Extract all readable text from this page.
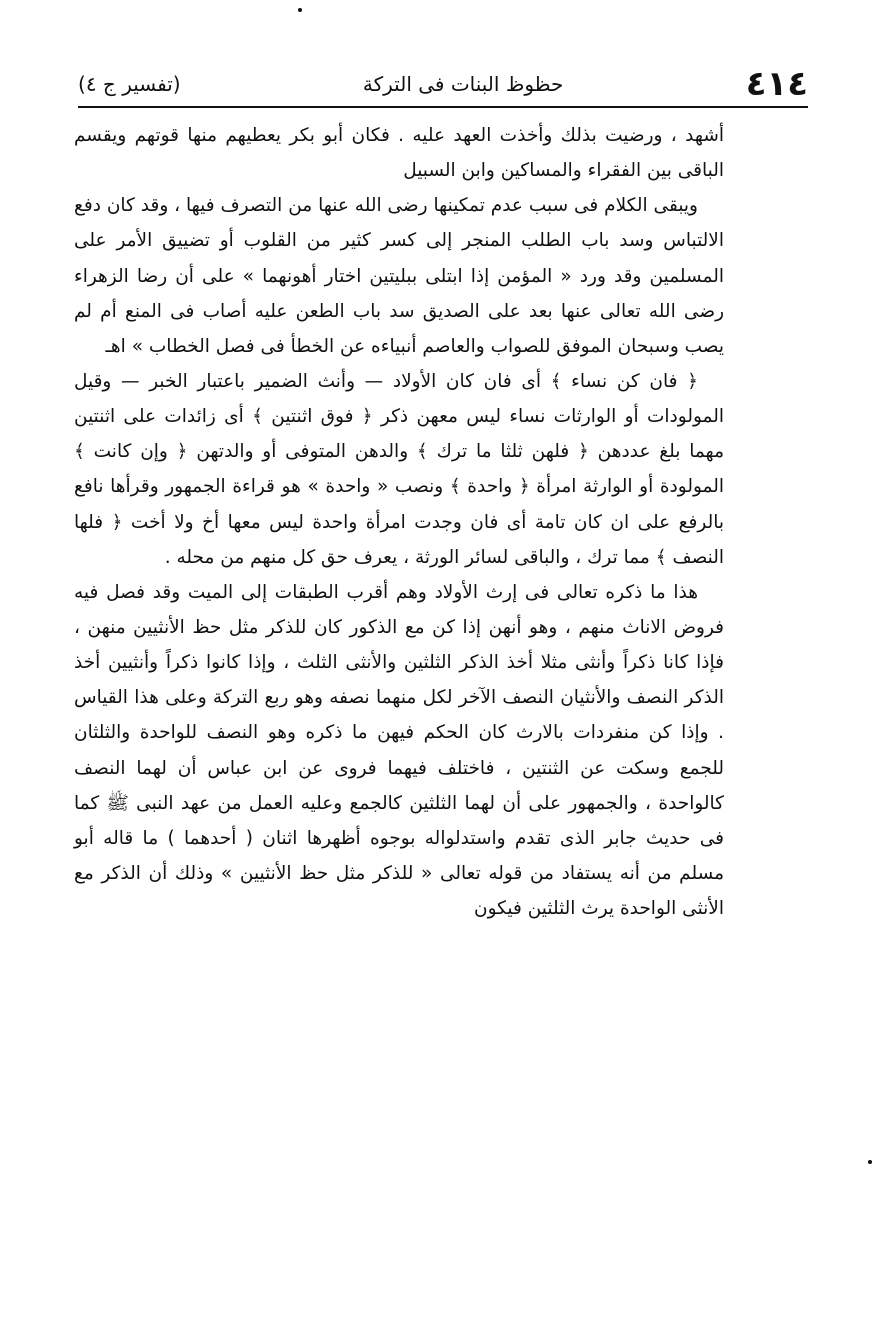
٤١٤
حظوظ البنات فى التركة
(تفسير ج ٤)

أشهد ، ورضيت بذلك وأخذت العهد عليه . فكان أبو بكر يعطيهم منها قوتهم ويقسم الباقى بين الفقراء والمساكين وابن السبيل

ويبقى الكلام فى سبب عدم تمكينها رضى الله عنها من التصرف فيها ، وقد كان دفع الالتباس وسد باب الطلب المنجر إلى كسر كثير من القلوب أو تضييق الأمر على المسلمين وقد ورد « المؤمن إذا ابتلى ببليتين اختار أهونهما » على أن رضا الزهراء رضى الله تعالى عنها بعد على الصديق سد باب الطعن عليه أصاب فى المنع أم لم يصب وسبحان الموفق للصواب والعاصم أنبياءه عن الخطأ فى فصل الخطاب » اهـ

﴿ فان كن نساء ﴾ أى فان كان الأولاد — وأنث الضمير باعتبار الخبر — وقيل المولودات أو الوارثات نساء ليس معهن ذكر ﴿ فوق اثنتين ﴾ أى زائدات على اثنتين مهما بلغ عددهن ﴿ فلهن ثلثا ما ترك ﴾ والدهن المتوفى أو والدتهن ﴿ وإن كانت ﴾ المولودة أو الوارثة امرأة ﴿ واحدة ﴾ ونصب « واحدة » هو قراءة الجمهور وقرأها نافع بالرفع على ان كان تامة أى فان وجدت امرأة واحدة ليس معها أخ ولا أخت ﴿ فلها النصف ﴾ مما ترك ، والباقى لسائر الورثة ، يعرف حق كل منهم من محله .

هذا ما ذكره تعالى فى إرث الأولاد وهم أقرب الطبقات إلى الميت وقد فصل فيه فروض الاناث منهم ، وهو أنهن إذا كن مع الذكور كان للذكر مثل حظ الأنثيين منهن ، فإذا كانا ذكراً وأنثى مثلا أخذ الذكر الثلثين والأنثى الثلث ، وإذا كانوا ذكراً وأنثيين أخذ الذكر النصف والأنثيان النصف الآخر لكل منهما نصفه وهو ربع التركة وعلى هذا القياس . وإذا كن منفردات بالارث كان الحكم فيهن ما ذكره وهو النصف للواحدة والثلثان للجمع وسكت عن الثنتين ، فاختلف فيهما فروى عن ابن عباس أن لهما النصف كالواحدة ، والجمهور على أن لهما الثلثين كالجمع وعليه العمل من عهد النبى ﷺ كما فى حديث جابر الذى تقدم واستدلواله بوجوه أظهرها اثنان ( أحدهما ) ما قاله أبو مسلم من أنه يستفاد من قوله تعالى « للذكر مثل حظ الأنثيين » وذلك أن الذكر مع الأنثى الواحدة يرث الثلثين فيكون
